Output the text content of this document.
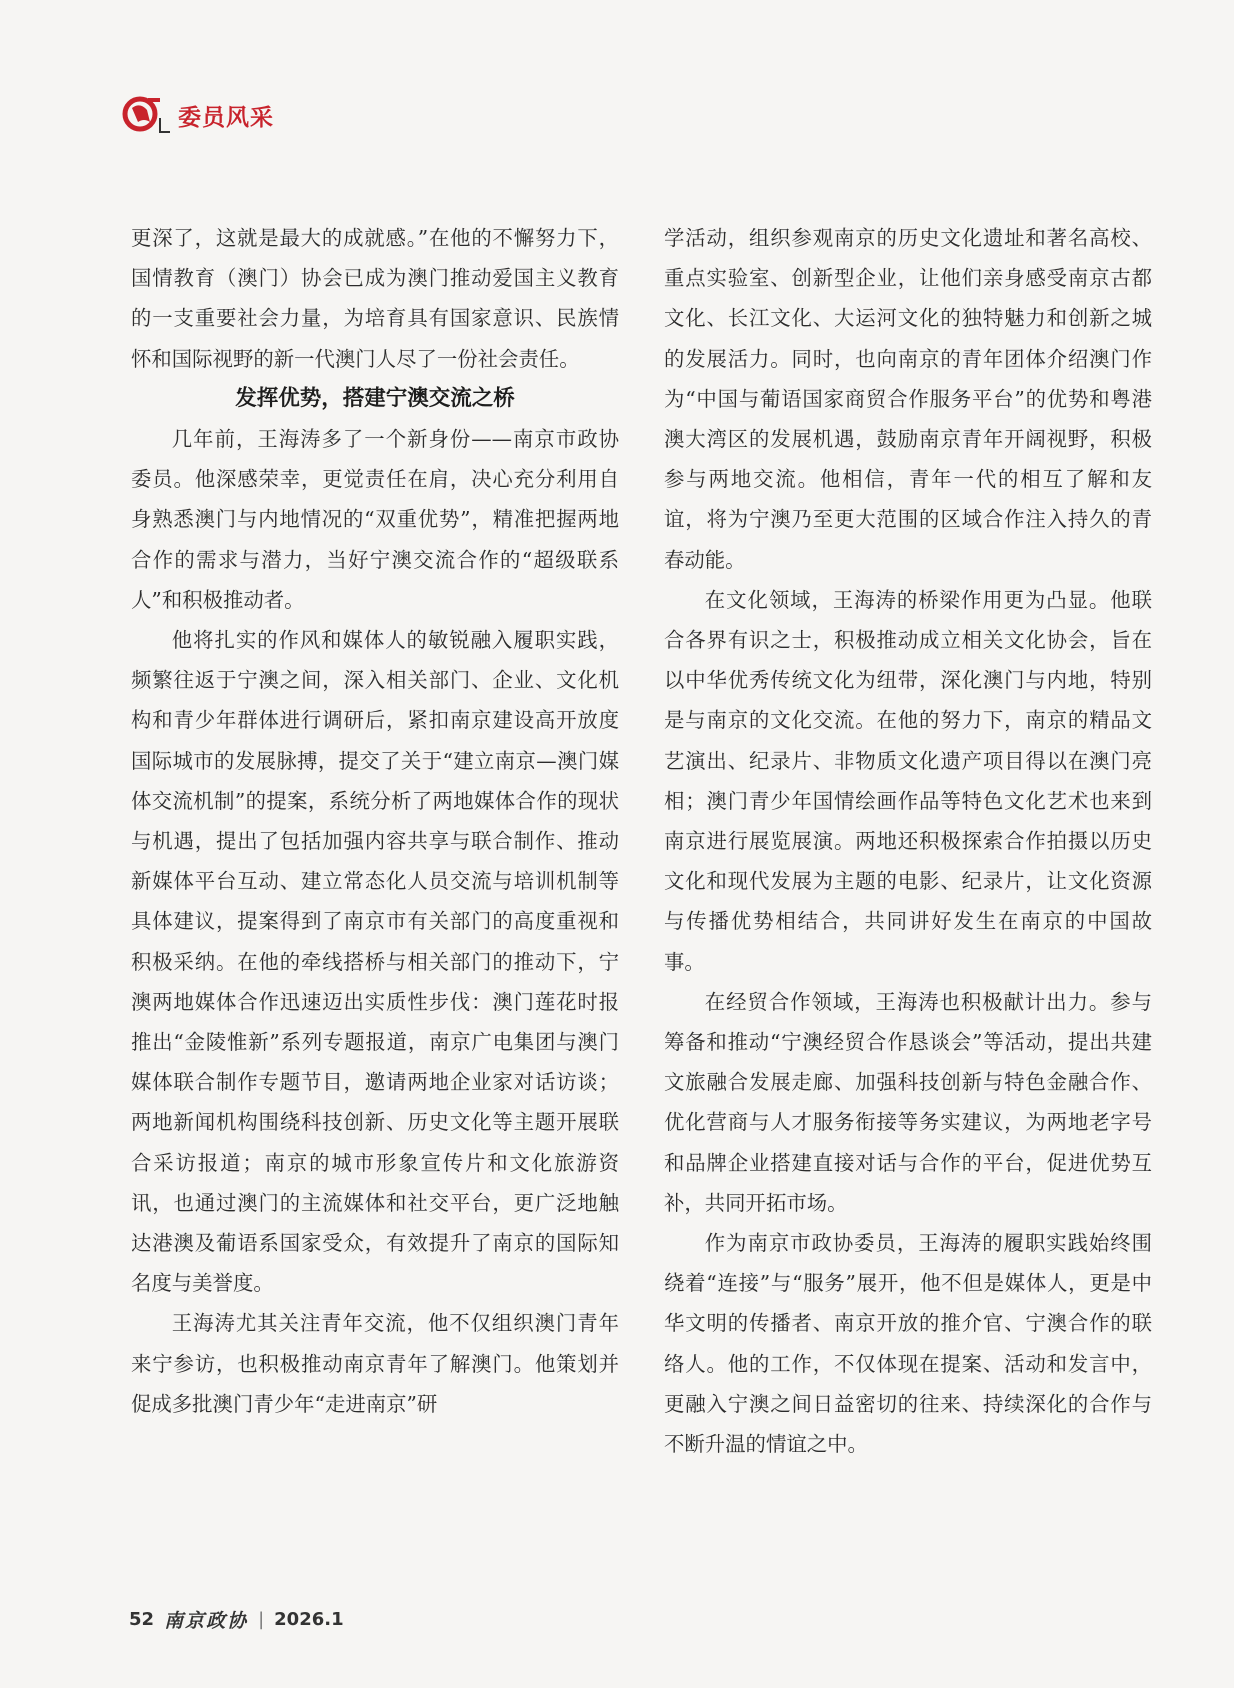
委员风采

更深了，这就是最大的成就感。”在他的不懈努力下，国情教育（澳门）协会已成为澳门推动爱国主义教育的一支重要社会力量，为培育具有国家意识、民族情怀和国际视野的新一代澳门人尽了一份社会责任。

发挥优势，搭建宁澳交流之桥

几年前，王海涛多了一个新身份——南京市政协委员。他深感荣幸，更觉责任在肩，决心充分利用自身熟悉澳门与内地情况的“双重优势”，精准把握两地合作的需求与潜力，当好宁澳交流合作的“超级联系人”和积极推动者。

他将扎实的作风和媒体人的敏锐融入履职实践，频繁往返于宁澳之间，深入相关部门、企业、文化机构和青少年群体进行调研后，紧扣南京建设高开放度国际城市的发展脉搏，提交了关于“建立南京—澳门媒体交流机制”的提案，系统分析了两地媒体合作的现状与机遇，提出了包括加强内容共享与联合制作、推动新媒体平台互动、建立常态化人员交流与培训机制等具体建议，提案得到了南京市有关部门的高度重视和积极采纳。在他的牵线搭桥与相关部门的推动下，宁澳两地媒体合作迅速迈出实质性步伐：澳门莲花时报推出“金陵惟新”系列专题报道，南京广电集团与澳门媒体联合制作专题节目，邀请两地企业家对话访谈；两地新闻机构围绕科技创新、历史文化等主题开展联合采访报道；南京的城市形象宣传片和文化旅游资讯，也通过澳门的主流媒体和社交平台，更广泛地触达港澳及葡语系国家受众，有效提升了南京的国际知名度与美誉度。

王海涛尤其关注青年交流，他不仅组织澳门青年来宁参访，也积极推动南京青年了解澳门。他策划并促成多批澳门青少年“走进南京”研

学活动，组织参观南京的历史文化遗址和著名高校、重点实验室、创新型企业，让他们亲身感受南京古都文化、长江文化、大运河文化的独特魅力和创新之城的发展活力。同时，也向南京的青年团体介绍澳门作为“中国与葡语国家商贸合作服务平台”的优势和粤港澳大湾区的发展机遇，鼓励南京青年开阔视野，积极参与两地交流。他相信，青年一代的相互了解和友谊，将为宁澳乃至更大范围的区域合作注入持久的青春动能。

在文化领域，王海涛的桥梁作用更为凸显。他联合各界有识之士，积极推动成立相关文化协会，旨在以中华优秀传统文化为纽带，深化澳门与内地，特别是与南京的文化交流。在他的努力下，南京的精品文艺演出、纪录片、非物质文化遗产项目得以在澳门亮相；澳门青少年国情绘画作品等特色文化艺术也来到南京进行展览展演。两地还积极探索合作拍摄以历史文化和现代发展为主题的电影、纪录片，让文化资源与传播优势相结合，共同讲好发生在南京的中国故事。

在经贸合作领域，王海涛也积极献计出力。参与筹备和推动“宁澳经贸合作恳谈会”等活动，提出共建文旅融合发展走廊、加强科技创新与特色金融合作、优化营商与人才服务衔接等务实建议，为两地老字号和品牌企业搭建直接对话与合作的平台，促进优势互补，共同开拓市场。

作为南京市政协委员，王海涛的履职实践始终围绕着“连接”与“服务”展开，他不但是媒体人，更是中华文明的传播者、南京开放的推介官、宁澳合作的联络人。他的工作，不仅体现在提案、活动和发言中，更融入宁澳之间日益密切的往来、持续深化的合作与不断升温的情谊之中。

52 南京政协 | 2026.1
